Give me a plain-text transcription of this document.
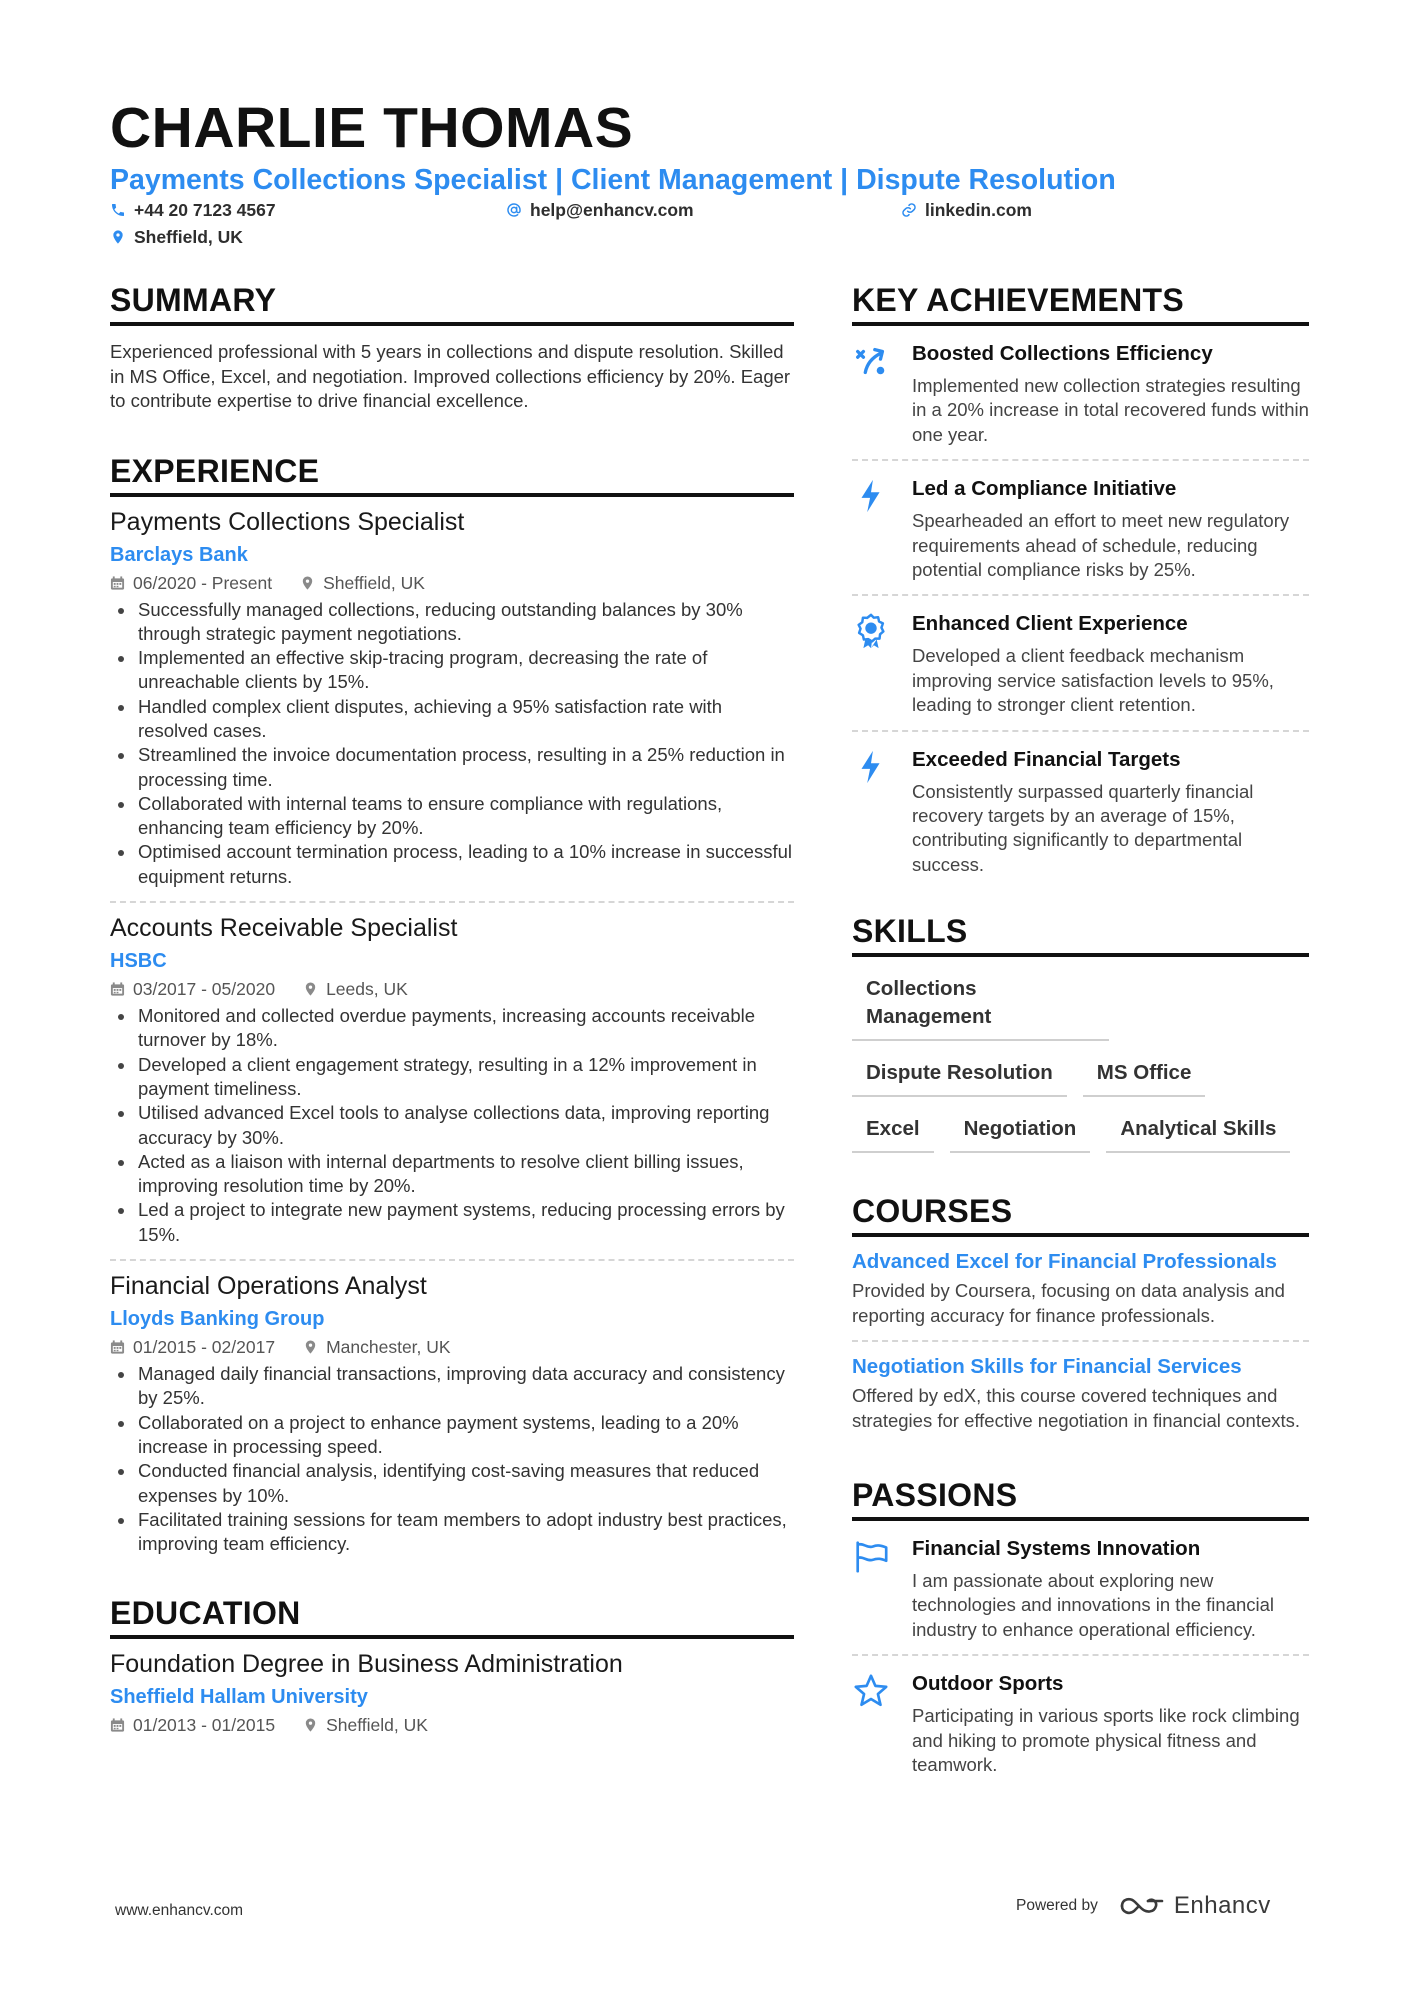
CHARLIE THOMAS
Payments Collections Specialist | Client Management | Dispute Resolution
+44 20 7123 4567	help@enhancv.com	linkedin.com
Sheffield, UK
SUMMARY
Experienced professional with 5 years in collections and dispute resolution. Skilled in MS Office, Excel, and negotiation. Improved collections efficiency by 20%. Eager to contribute expertise to drive financial excellence.
EXPERIENCE
Payments Collections Specialist
Barclays Bank
06/2020 - Present	Sheffield, UK
Successfully managed collections, reducing outstanding balances by 30% through strategic payment negotiations.
Implemented an effective skip-tracing program, decreasing the rate of unreachable clients by 15%.
Handled complex client disputes, achieving a 95% satisfaction rate with resolved cases.
Streamlined the invoice documentation process, resulting in a 25% reduction in processing time.
Collaborated with internal teams to ensure compliance with regulations, enhancing team efficiency by 20%.
Optimised account termination process, leading to a 10% increase in successful equipment returns.
Accounts Receivable Specialist
HSBC
03/2017 - 05/2020	Leeds, UK
Monitored and collected overdue payments, increasing accounts receivable turnover by 18%.
Developed a client engagement strategy, resulting in a 12% improvement in payment timeliness.
Utilised advanced Excel tools to analyse collections data, improving reporting accuracy by 30%.
Acted as a liaison with internal departments to resolve client billing issues, improving resolution time by 20%.
Led a project to integrate new payment systems, reducing processing errors by 15%.
Financial Operations Analyst
Lloyds Banking Group
01/2015 - 02/2017	Manchester, UK
Managed daily financial transactions, improving data accuracy and consistency by 25%.
Collaborated on a project to enhance payment systems, leading to a 20% increase in processing speed.
Conducted financial analysis, identifying cost-saving measures that reduced expenses by 10%.
Facilitated training sessions for team members to adopt industry best practices, improving team efficiency.
EDUCATION
Foundation Degree in Business Administration
Sheffield Hallam University
01/2013 - 01/2015	Sheffield, UK
KEY ACHIEVEMENTS
Boosted Collections Efficiency
Implemented new collection strategies resulting in a 20% increase in total recovered funds within one year.
Led a Compliance Initiative
Spearheaded an effort to meet new regulatory requirements ahead of schedule, reducing potential compliance risks by 25%.
Enhanced Client Experience
Developed a client feedback mechanism improving service satisfaction levels to 95%, leading to stronger client retention.
Exceeded Financial Targets
Consistently surpassed quarterly financial recovery targets by an average of 15%, contributing significantly to departmental success.
SKILLS
Collections Management
Dispute Resolution	MS Office
Excel	Negotiation	Analytical Skills
COURSES
Advanced Excel for Financial Professionals
Provided by Coursera, focusing on data analysis and reporting accuracy for finance professionals.
Negotiation Skills for Financial Services
Offered by edX, this course covered techniques and strategies for effective negotiation in financial contexts.
PASSIONS
Financial Systems Innovation
I am passionate about exploring new technologies and innovations in the financial industry to enhance operational efficiency.
Outdoor Sports
Participating in various sports like rock climbing and hiking to promote physical fitness and teamwork.
www.enhancv.com	Powered by	Enhancv
